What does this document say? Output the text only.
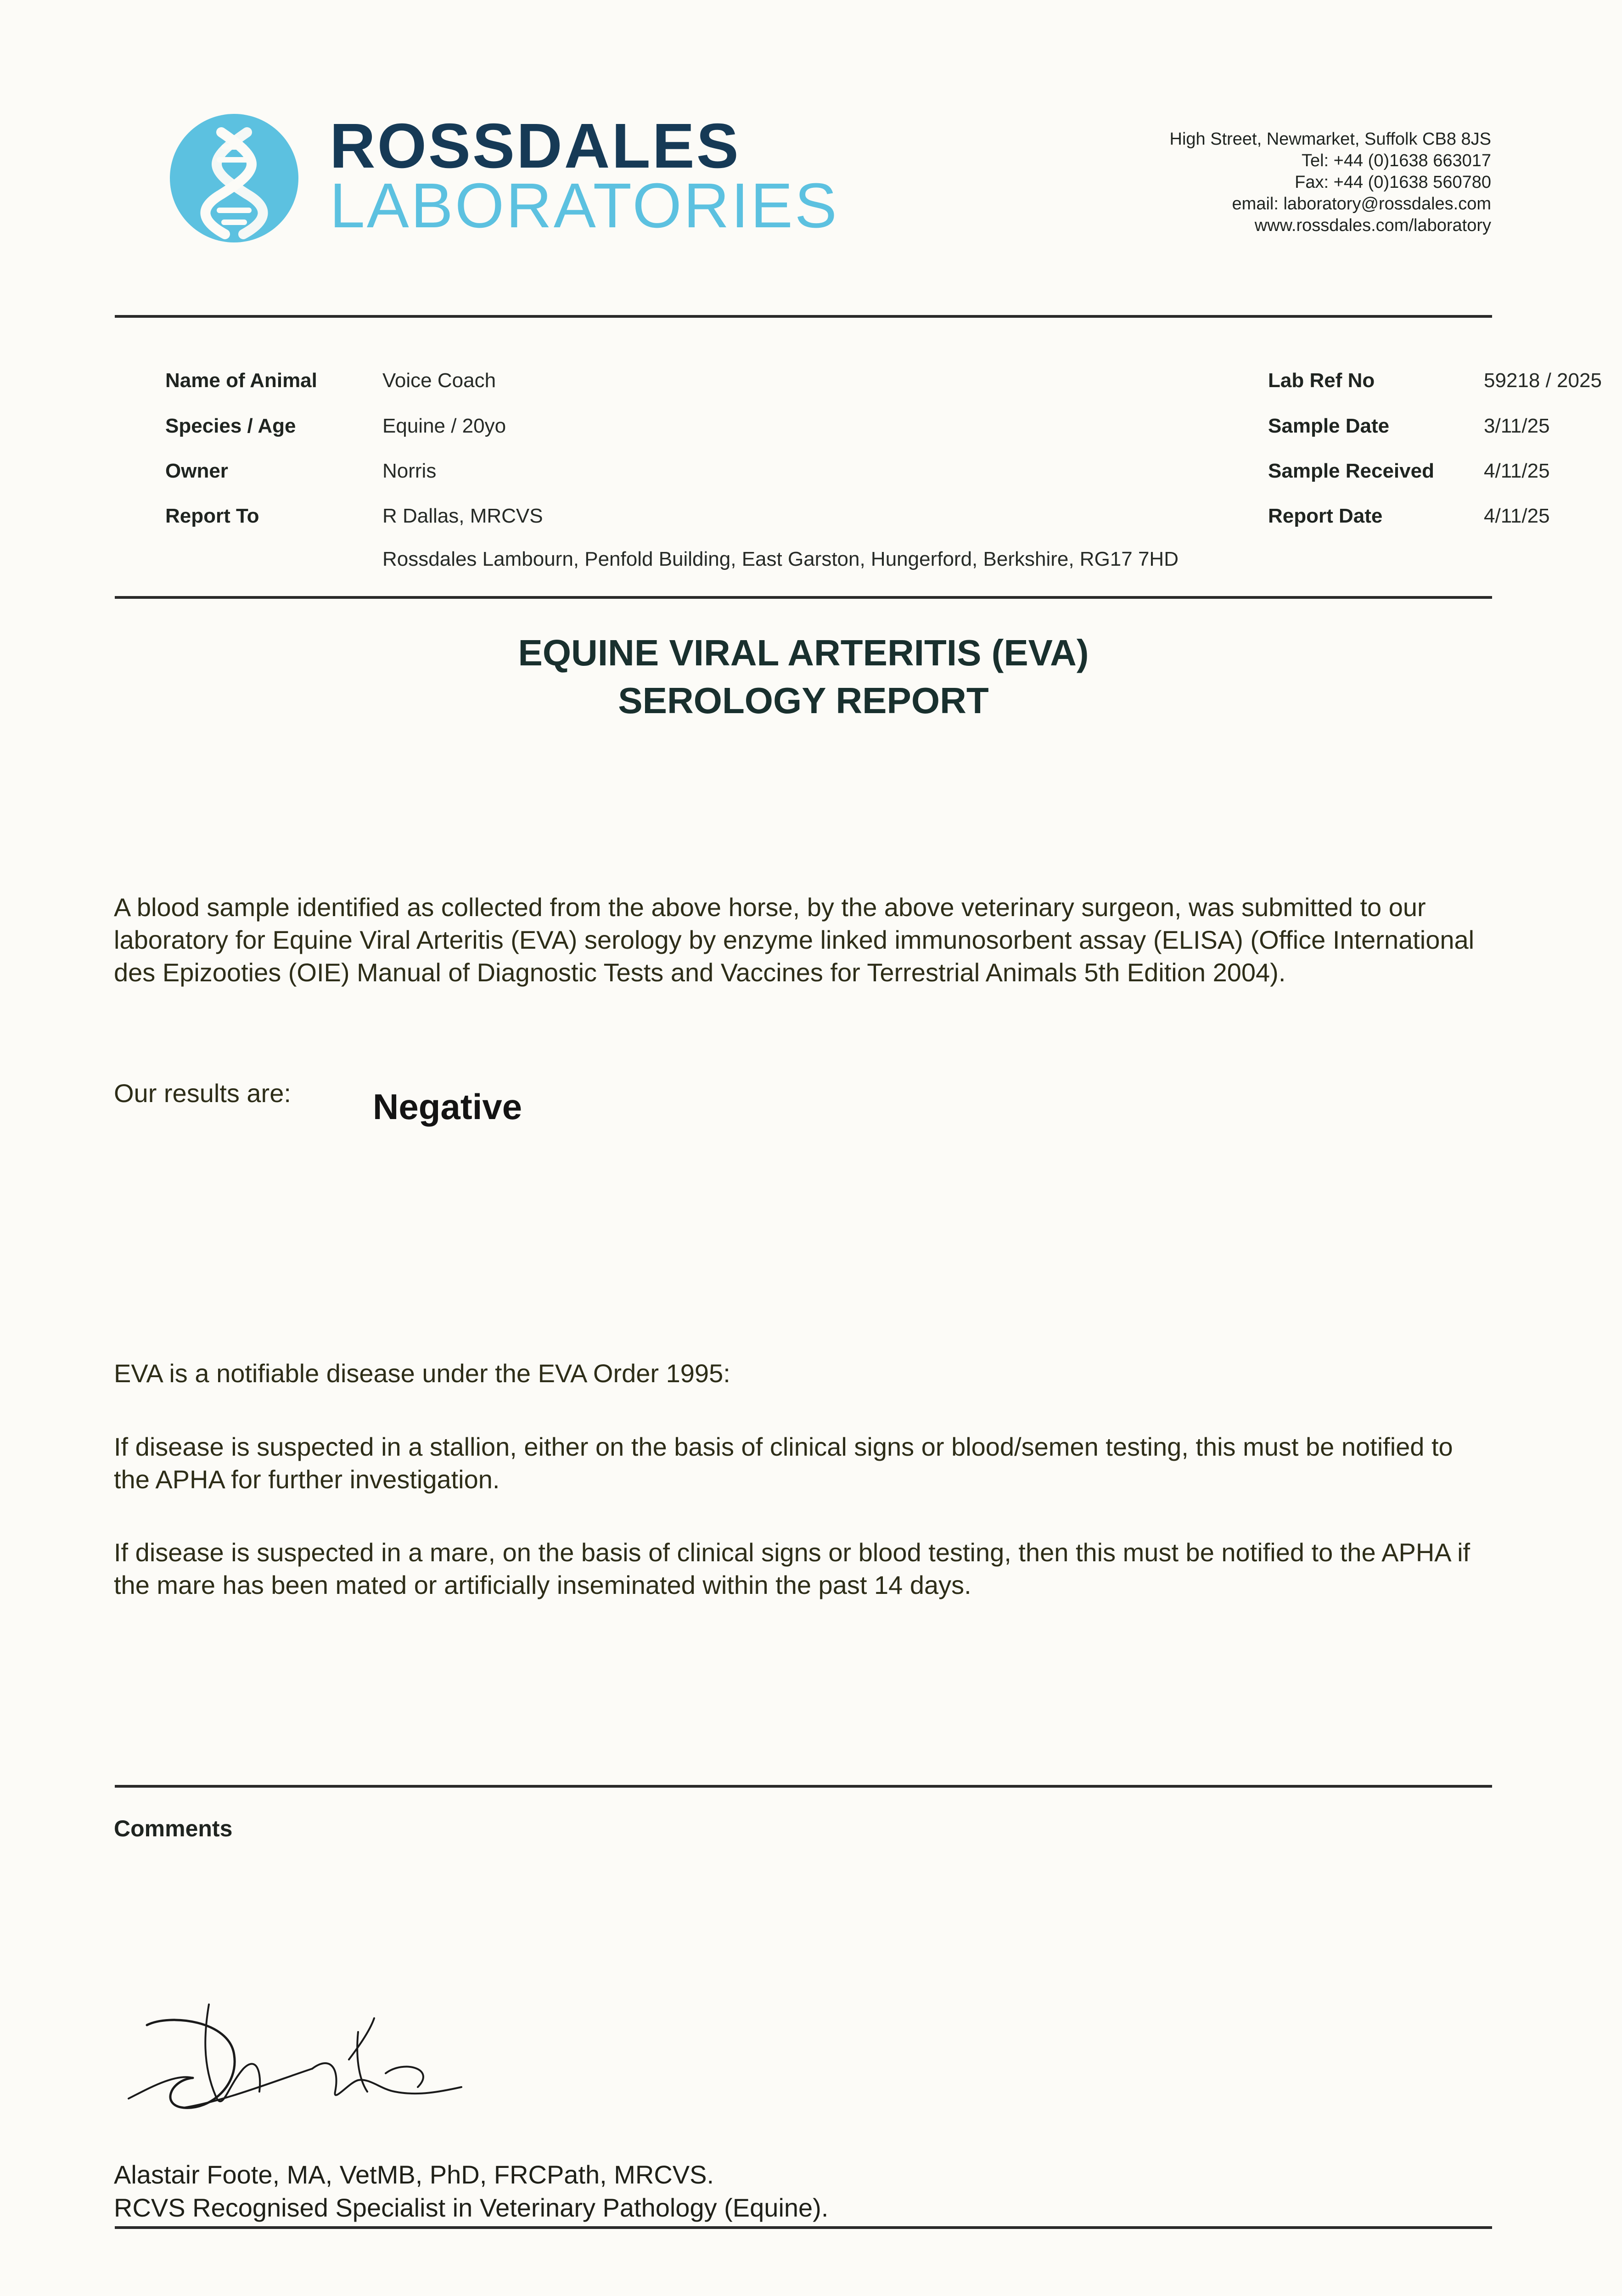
ROSSDALES
LABORATORIES
High Street, Newmarket, Suffolk CB8 8JS
Tel: +44 (0)1638 663017
Fax: +44 (0)1638 560780
email: laboratory@rossdales.com
www.rossdales.com/laboratory
Name of Animal	Voice Coach
Species / Age	Equine / 20yo
Owner	Norris
Report To	R Dallas, MRCVS
Rossdales Lambourn, Penfold Building, East Garston, Hungerford, Berkshire, RG17 7HD
Lab Ref No	59218 / 2025
Sample Date	3/11/25
Sample Received 4/11/25
Report Date	4/11/25
EQUINE VIRAL ARTERITIS (EVA)
SEROLOGY REPORT
A blood sample identified as collected from the above horse, by the above veterinary surgeon, was submitted to our laboratory for Equine Viral Arteritis (EVA) serology by enzyme linked immunosorbent assay (ELISA) (Office International des Epizooties (OIE) Manual of Diagnostic Tests and Vaccines for Terrestrial Animals 5th Edition 2004).
Our results are:	Negative
EVA is a notifiable disease under the EVA Order 1995:
If disease is suspected in a stallion, either on the basis of clinical signs or blood/semen testing, this must be notified to the APHA for further investigation.
If disease is suspected in a mare, on the basis of clinical signs or blood testing, then this must be notified to the APHA if the mare has been mated or artificially inseminated within the past 14 days.
Comments
Alastair Foote, MA, VetMB, PhD, FRCPath, MRCVS.
RCVS Recognised Specialist in Veterinary Pathology (Equine).
